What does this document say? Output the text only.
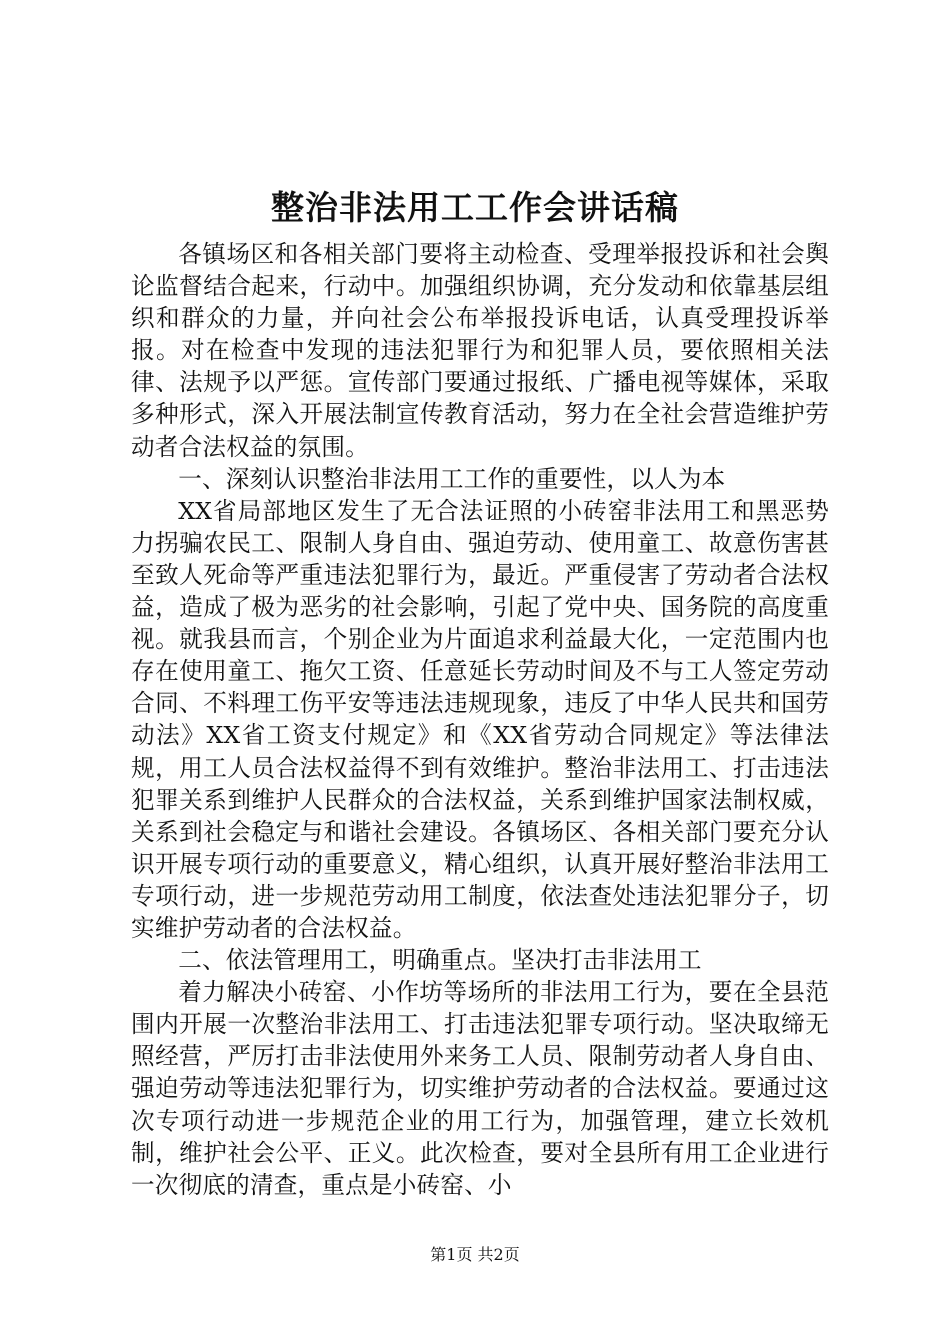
整治非法用工工作会讲话稿

各镇场区和各相关部门要将主动检查、受理举报投诉和社会舆论监督结合起来，行动中。加强组织协调，充分发动和依靠基层组织和群众的力量，并向社会公布举报投诉电话，认真受理投诉举报。对在检查中发现的违法犯罪行为和犯罪人员，要依照相关法律、法规予以严惩。宣传部门要通过报纸、广播电视等媒体，采取多种形式，深入开展法制宣传教育活动，努力在全社会营造维护劳动者合法权益的氛围。

一、深刻认识整治非法用工工作的重要性，以人为本

XX省局部地区发生了无合法证照的小砖窑非法用工和黑恶势力拐骗农民工、限制人身自由、强迫劳动、使用童工、故意伤害甚至致人死命等严重违法犯罪行为，最近。严重侵害了劳动者合法权益，造成了极为恶劣的社会影响，引起了党中央、国务院的高度重视。就我县而言，个别企业为片面追求利益最大化，一定范围内也存在使用童工、拖欠工资、任意延长劳动时间及不与工人签定劳动合同、不料理工伤平安等违法违规现象，违反了中华人民共和国劳动法》XX省工资支付规定》和《XX省劳动合同规定》等法律法规，用工人员合法权益得不到有效维护。整治非法用工、打击违法犯罪关系到维护人民群众的合法权益，关系到维护国家法制权威，关系到社会稳定与和谐社会建设。各镇场区、各相关部门要充分认识开展专项行动的重要意义，精心组织，认真开展好整治非法用工专项行动，进一步规范劳动用工制度，依法查处违法犯罪分子，切实维护劳动者的合法权益。

二、依法管理用工，明确重点。坚决打击非法用工

着力解决小砖窑、小作坊等场所的非法用工行为，要在全县范围内开展一次整治非法用工、打击违法犯罪专项行动。坚决取缔无照经营，严厉打击非法使用外来务工人员、限制劳动者人身自由、强迫劳动等违法犯罪行为，切实维护劳动者的合法权益。要通过这次专项行动进一步规范企业的用工行为，加强管理，建立长效机制，维护社会公平、正义。此次检查，要对全县所有用工企业进行一次彻底的清查，重点是小砖窑、小

第1页 共2页
